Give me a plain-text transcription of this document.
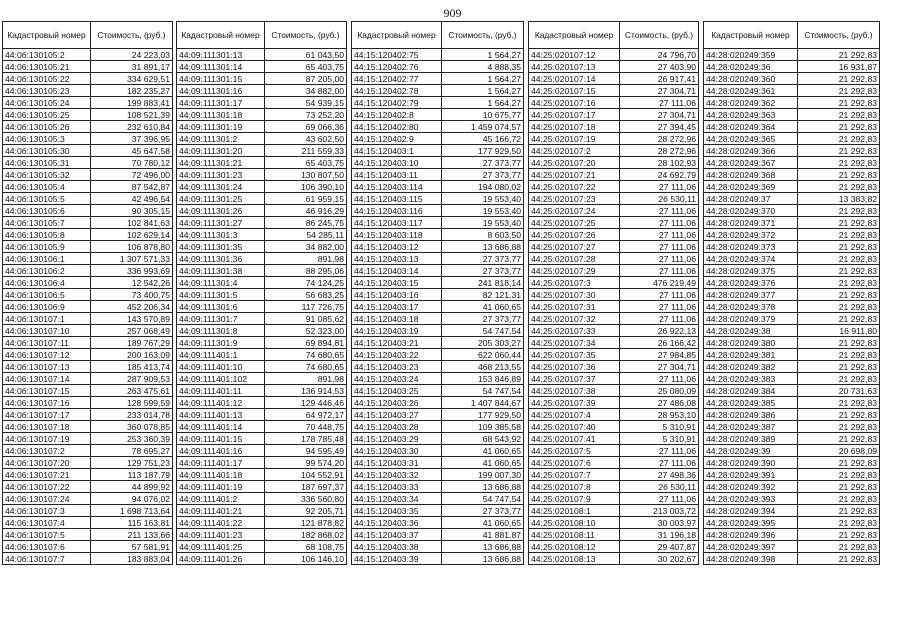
909
Кадастровый номер	Стоимость, (руб.)
44:06:130105:2	24 223,03
44:06:130105:21	31 891,17
44:06:130105:22	334 629,51
44:06:130105:23	182 235,27
44:06:130105:24	199 883,41
44:06:130105:25	108 521,39
44:06:130105:26	232 610,84
44:06:130105:3	37 396,95
44:06:130105:30	45 647,58
44:06:130105:31	70 780,12
44:06:130105:32	72 496,00
44:06:130105:4	87 542,87
44:06:130105:5	42 496,54
44:06:130105:6	90 305,15
44:06:130105:7	102 841,63
44:06:130105:8	102 629,14
44:06:130105:9	106 878,80
44:06:130106:1	1 307 571,33
44:06:130106:2	336 993,69
44:06:130106:4	12 542,26
44:06:130106:5	73 400,75
44:06:130106:9	452 206,34
44:06:130107:1	143 570,89
44:06:130107:10	257 068,49
44:06:130107:11	189 767,29
44:06:130107:12	200 163,09
44:06:130107:13	185 413,74
44:06:130107:14	287 909,53
44:06:130107:15	263 475,61
44:06:130107:16	128 599,59
44:06:130107:17	233 014,78
44:06:130107:18	360 078,85
44:06:130107:19	253 360,39
44:06:130107:2	78 695,27
44:06:130107:20	129 751,23
44:06:130107:21	113 187,79
44:06:130107:22	44 899,92
44:06:130107:24	94 076,02
44:06:130107:3	1 698 713,64
44:06:130107:4	115 163,81
44:06:130107:5	211 133,66
44:06:130107:6	57 581,91
44:06:130107:7	183 883,04
Кадастровый номер	Стоимость, (руб.)
44:09:111301:13	61 043,50
44:09:111301:14	65 403,75
44:09:111301:15	87 205,00
44:09:111301:16	34 882,00
44:09:111301:17	54 939,15
44:09:111301:18	73 252,20
44:09:111301:19	69 066,36
44:09:111301:2	43 602,50
44:09:111301:20	211 559,33
44:09:111301:21	65 403,75
44:09:111301:23	130 807,50
44:09:111301:24	106 390,10
44:09:111301:25	61 959,15
44:09:111301:26	46 916,29
44:09:111301:27	86 245,75
44:09:111301:3	54 285,11
44:09:111301:35	34 882,00
44:09:111301:36	891,98
44:09:111301:38	88 295,06
44:09:111301:4	74 124,25
44:09:111301:5	56 683,25
44:09:111301:6	117 726,75
44:09:111301:7	91 085,62
44:09:111301:8	52 323,00
44:09:111301:9	69 894,81
44:09:111401:1	74 680,65
44:09:111401:10	74 680,65
44:09:111401:102	891,98
44:09:111401:11	136 914,53
44:09:111401:12	129 446,46
44:09:111401:13	64 972,17
44:09:111401:14	70 448,75
44:09:111401:15	178 785,48
44:09:111401:16	94 595,49
44:09:111401:17	99 574,20
44:09:111401:18	104 552,91
44:09:111401:19	187 697,37
44:09:111401:2	336 560,80
44:09:111401:21	92 205,71
44:09:111401:22	121 878,82
44:09:111401:23	182 868,02
44:09:111401:25	68 108,75
44:09:111401:26	106 146,10
Кадастровый номер	Стоимость, (руб.)
44:15:120402:75	1 564,27
44:15:120402:76	4 888,35
44:15:120402:77	1 564,27
44:15:120402:78	1 564,27
44:15:120402:79	1 564,27
44:15:120402:8	10 675,77
44:15:120402:80	1 459 074,57
44:15:120402:9	45 166,72
44:15:120403:1	177 929,50
44:15:120403:10	27 373,77
44:15:120403:11	27 373,77
44:15:120403:114	194 080,02
44:15:120403:115	19 553,40
44:15:120403:116	19 553,40
44:15:120403:117	19 553,40
44:15:120403:118	8 603,50
44:15:120403:12	13 686,88
44:15:120403:13	27 373,77
44:15:120403:14	27 373,77
44:15:120403:15	241 818,14
44:15:120403:16	82 121,31
44:15:120403:17	41 060,65
44:15:120403:18	27 373,77
44:15:120403:19	54 747,54
44:15:120403:21	205 303,27
44:15:120403:22	622 060,44
44:15:120403:23	468 213,55
44:15:120403:24	153 846,89
44:15:120403:25	54 747,54
44:15:120403:26	1 407 844,67
44:15:120403:27	177 929,50
44:15:120403:28	109 385,58
44:15:120403:29	68 543,92
44:15:120403:30	41 060,65
44:15:120403:31	41 060,65
44:15:120403:32	199 007,30
44:15:120403:33	13 686,88
44:15:120403:34	54 747,54
44:15:120403:35	27 373,77
44:15:120403:36	41 060,65
44:15:120403:37	41 881,87
44:15:120403:38	13 686,88
44:15:120403:39	13 686,88
Кадастровый номер	Стоимость, (руб.)
44:25:020107:12	24 796,70
44:25:020107:13	27 403,90
44:25:020107:14	26 917,41
44:25:020107:15	27 304,71
44:25:020107:16	27 111,06
44:25:020107:17	27 304,71
44:25:020107:18	27 394,45
44:25:020107:19	28 272,96
44:25:020107:2	28 272,96
44:25:020107:20	28 102,93
44:25:020107:21	24 692,79
44:25:020107:22	27 111,06
44:25:020107:23	26 530,11
44:25:020107:24	27 111,06
44:25:020107:25	27 111,06
44:25:020107:26	27 111,06
44:25:020107:27	27 111,06
44:25:020107:28	27 111,06
44:25:020107:29	27 111,06
44:25:020107:3	476 219,49
44:25:020107:30	27 111,06
44:25:020107:31	27 111,06
44:25:020107:32	27 111,06
44:25:020107:33	26 922,13
44:25:020107:34	26 166,42
44:25:020107:35	27 984,85
44:25:020107:36	27 304,71
44:25:020107:37	27 111,06
44:25:020107:38	25 080,09
44:25:020107:39	27 486,08
44:25:020107:4	28 953,10
44:25:020107:40	5 310,91
44:25:020107:41	5 310,91
44:25:020107:5	27 111,06
44:25:020107:6	27 111,06
44:25:020107:7	27 498,36
44:25:020107:8	26 530,11
44:25:020107:9	27 111,06
44:25:020108:1	213 003,72
44:25:020108:10	30 003,97
44:25:020108:11	31 196,18
44:25:020108:12	29 407,87
44:25:020108:13	30 202,67
Кадастровый номер	Стоимость, (руб.)
44:28:020249:359	21 292,83
44:28:020249:36	16 931,87
44:28:020249:360	21 292,83
44:28:020249:361	21 292,83
44:28:020249:362	21 292,83
44:28:020249:363	21 292,83
44:28:020249:364	21 292,83
44:28:020249:365	21 292,83
44:28:020249:366	21 292,83
44:28:020249:367	21 292,83
44:28:020249:368	21 292,83
44:28:020249:369	21 292,83
44:28:020249:37	13 383,82
44:28:020249:370	21 292,83
44:28:020249:371	21 292,83
44:28:020249:372	21 292,83
44:28:020249:373	21 292,83
44:28:020249:374	21 292,83
44:28:020249:375	21 292,83
44:28:020249:376	21 292,83
44:28:020249:377	21 292,83
44:28:020249:378	21 292,83
44:28:020249:379	21 292,83
44:28:020249:38	16 911,80
44:28:020249:380	21 292,83
44:28:020249:381	21 292,83
44:28:020249:382	21 292,83
44:28:020249:383	21 292,83
44:28:020249:384	20 731,63
44:28:020249:385	21 292,83
44:28:020249:386	21 292,83
44:28:020249:387	21 292,83
44:28:020249:389	21 292,83
44:28:020249:39	20 698,09
44:28:020249:390	21 292,83
44:28:020249:391	21 292,83
44:28:020249:392	21 292,83
44:28:020249:393	21 292,83
44:28:020249:394	21 292,83
44:28:020249:395	21 292,83
44:28:020249:396	21 292,83
44:28:020249:397	21 292,83
44:28:020249:398	21 292,83
